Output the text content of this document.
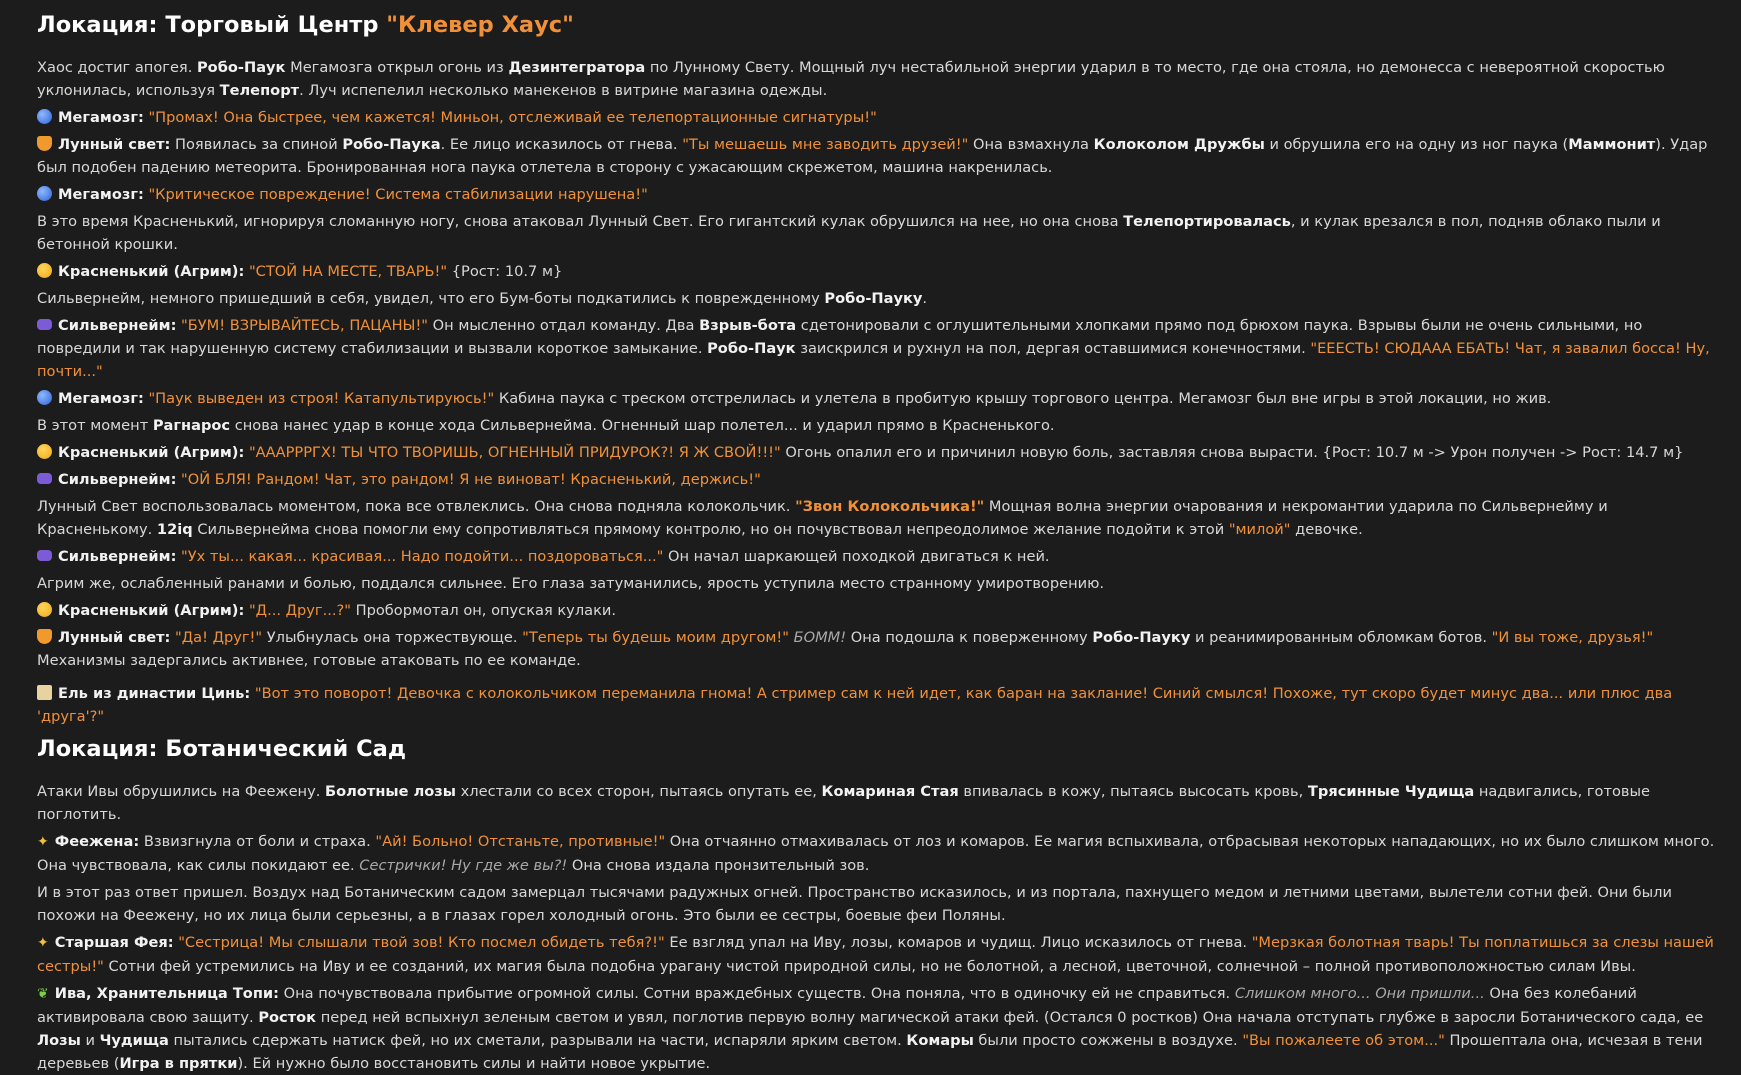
Локация: Торговый Центр "Клевер Хаус"

Хаос достиг апогея. Робо-Паук Мегамозга открыл огонь из Дезинтегратора по Лунному Свету. Мощный луч нестабильной энергии ударил в то место, где она стояла, но демонесса с невероятной скоростью уклонилась, используя Телепорт. Луч испепелил несколько манекенов в витрине магазина одежды.

Мегамозг: "Промах! Она быстрее, чем кажется! Миньон, отслеживай ее телепортационные сигнатуры!"

Лунный свет: Появилась за спиной Робо-Паука. Ее лицо исказилось от гнева. "Ты мешаешь мне заводить друзей!" Она взмахнула Колоколом Дружбы и обрушила его на одну из ног паука (Маммонит). Удар был подобен падению метеорита. Бронированная нога паука отлетела в сторону с ужасающим скрежетом, машина накренилась.

Мегамозг: "Критическое повреждение! Система стабилизации нарушена!"

В это время Красненький, игнорируя сломанную ногу, снова атаковал Лунный Свет. Его гигантский кулак обрушился на нее, но она снова Телепортировалась, и кулак врезался в пол, подняв облако пыли и бетонной крошки.

Красненький (Агрим): "СТОЙ НА МЕСТЕ, ТВАРЬ!" {Рост: 10.7 м}

Сильвернейм, немного пришедший в себя, увидел, что его Бум-боты подкатились к поврежденному Робо-Пауку.

Сильвернейм: "БУМ! ВЗРЫВАЙТЕСЬ, ПАЦАНЫ!" Он мысленно отдал команду. Два Взрыв-бота сдетонировали с оглушительными хлопками прямо под брюхом паука. Взрывы были не очень сильными, но повредили и так нарушенную систему стабилизации и вызвали короткое замыкание. Робо-Паук заискрился и рухнул на пол, дергая оставшимися конечностями. "ЕЕЕСТЬ! СЮДААА ЕБАТЬ! Чат, я завалил босса! Ну, почти..."

Мегамозг: "Паук выведен из строя! Катапультируюсь!" Кабина паука с треском отстрелилась и улетела в пробитую крышу торгового центра. Мегамозг был вне игры в этой локации, но жив.

В этот момент Рагнарос снова нанес удар в конце хода Сильвернейма. Огненный шар полетел... и ударил прямо в Красненького.

Красненький (Агрим): "АААРРРГХ! ТЫ ЧТО ТВОРИШЬ, ОГНЕННЫЙ ПРИДУРОК?! Я Ж СВОЙ!!!" Огонь опалил его и причинил новую боль, заставляя снова вырасти. {Рост: 10.7 м -> Урон получен -> Рост: 14.7 м}

Сильвернейм: "ОЙ БЛЯ! Рандом! Чат, это рандом! Я не виноват! Красненький, держись!"

Лунный Свет воспользовалась моментом, пока все отвлеклись. Она снова подняла колокольчик. "Звон Колокольчика!" Мощная волна энергии очарования и некромантии ударила по Сильвернейму и Красненькому. 12iq Сильвернейма снова помогли ему сопротивляться прямому контролю, но он почувствовал непреодолимое желание подойти к этой "милой" девочке.

Сильвернейм: "Ух ты... какая... красивая... Надо подойти... поздороваться..." Он начал шаркающей походкой двигаться к ней.

Агрим же, ослабленный ранами и болью, поддался сильнее. Его глаза затуманились, ярость уступила место странному умиротворению.

Красненький (Агрим): "Д... Друг...?" Пробормотал он, опуская кулаки.

Лунный свет: "Да! Друг!" Улыбнулась она торжествующе. "Теперь ты будешь моим другом!" БОММ! Она подошла к поверженному Робо-Пауку и реанимированным обломкам ботов. "И вы тоже, друзья!" Механизмы задергались активнее, готовые атаковать по ее команде.

Ель из династии Цинь: "Вот это поворот! Девочка с колокольчиком переманила гнома! А стример сам к ней идет, как баран на заклание! Синий смылся! Похоже, тут скоро будет минус два... или плюс два 'друга'?"

Локация: Ботанический Сад

Атаки Ивы обрушились на Феежену. Болотные лозы хлестали со всех сторон, пытаясь опутать ее, Комариная Стая впивалась в кожу, пытаясь высосать кровь, Трясинные Чудища надвигались, готовые поглотить.

✦ Феежена: Взвизгнула от боли и страха. "Ай! Больно! Отстаньте, противные!" Она отчаянно отмахивалась от лоз и комаров. Ее магия вспыхивала, отбрасывая некоторых нападающих, но их было слишком много. Она чувствовала, как силы покидают ее. Сестрички! Ну где же вы?! Она снова издала пронзительный зов.

И в этот раз ответ пришел. Воздух над Ботаническим садом замерцал тысячами радужных огней. Пространство исказилось, и из портала, пахнущего медом и летними цветами, вылетели сотни фей. Они были похожи на Феежену, но их лица были серьезны, а в глазах горел холодный огонь. Это были ее сестры, боевые феи Поляны.

✦ Старшая Фея: "Сестрица! Мы слышали твой зов! Кто посмел обидеть тебя?!" Ее взгляд упал на Иву, лозы, комаров и чудищ. Лицо исказилось от гнева. "Мерзкая болотная тварь! Ты поплатишься за слезы нашей сестры!" Сотни фей устремились на Иву и ее созданий, их магия была подобна урагану чистой природной силы, но не болотной, а лесной, цветочной, солнечной – полной противоположностью силам Ивы.

❦ Ива, Хранительница Топи: Она почувствовала прибытие огромной силы. Сотни враждебных существ. Она поняла, что в одиночку ей не справиться. Слишком много... Они пришли... Она без колебаний активировала свою защиту. Росток перед ней вспыхнул зеленым светом и увял, поглотив первую волну магической атаки фей. (Остался 0 ростков) Она начала отступать глубже в заросли Ботанического сада, ее Лозы и Чудища пытались сдержать натиск фей, но их сметали, разрывали на части, испаряли ярким светом. Комары были просто сожжены в воздухе. "Вы пожалеете об этом..." Прошептала она, исчезая в тени деревьев (Игра в прятки). Ей нужно было восстановить силы и найти новое укрытие.
